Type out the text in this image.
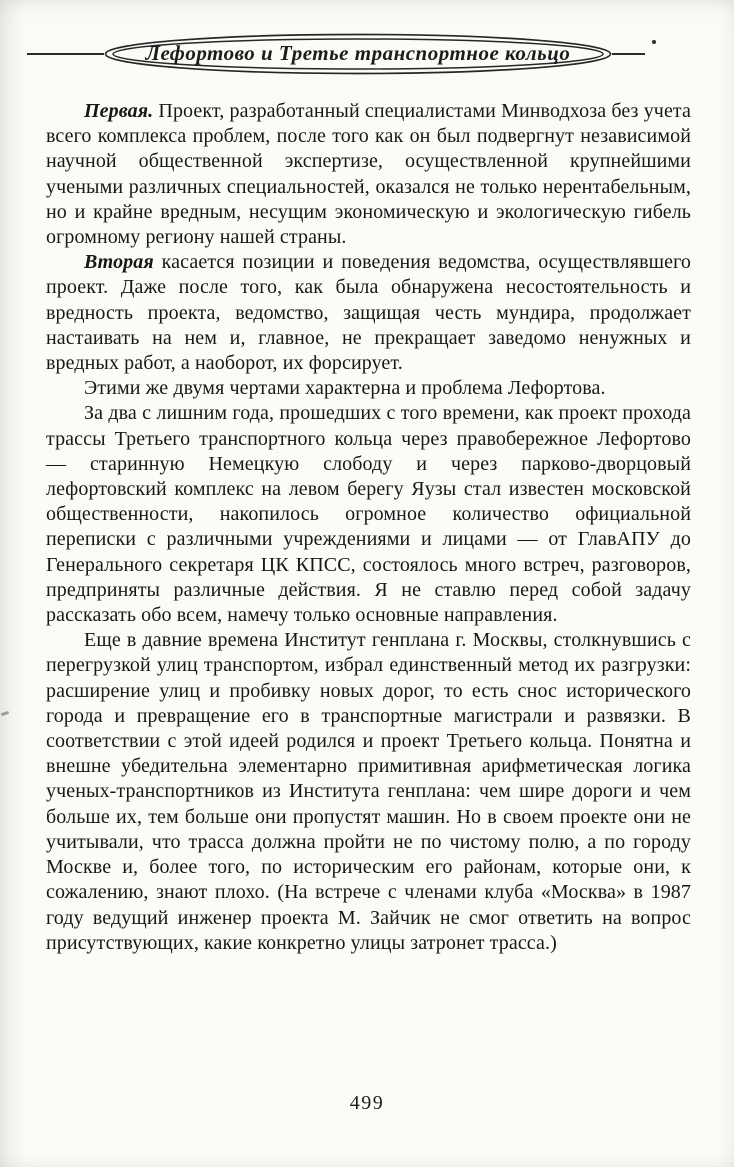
Лефортово и Третье транспортное кольцо

Первая. Проект, разработанный специалистами Минводхоза без учета всего комплекса проблем, после того как он был подвергнут независимой научной общественной экспертизе, осуществленной крупнейшими учеными различных специальностей, оказался не только нерентабельным, но и крайне вредным, несущим экономическую и экологическую гибель огромному региону нашей страны.

Вторая касается позиции и поведения ведомства, осуществлявшего проект. Даже после того, как была обнаружена несостоятельность и вредность проекта, ведомство, защищая честь мундира, продолжает настаивать на нем и, главное, не прекращает заведомо ненужных и вредных работ, а наоборот, их форсирует.

Этими же двумя чертами характерна и проблема Лефортова.

За два с лишним года, прошедших с того времени, как проект прохода трассы Третьего транспортного кольца через правобережное Лефортово — старинную Немецкую слободу и через парково-дворцовый лефортовский комплекс на левом берегу Яузы стал известен московской общественности, накопилось огромное количество официальной переписки с различными учреждениями и лицами — от ГлавАПУ до Генерального секретаря ЦК КПСС, состоялось много встреч, разговоров, предприняты различные действия. Я не ставлю перед собой задачу рассказать обо всем, намечу только основные направления.

Еще в давние времена Институт генплана г. Москвы, столкнувшись с перегрузкой улиц транспортом, избрал единственный метод их разгрузки: расширение улиц и пробивку новых дорог, то есть снос исторического города и превращение его в транспортные магистрали и развязки. В соответствии с этой идеей родился и проект Третьего кольца. Понятна и внешне убедительна элементарно примитивная арифметическая логика ученых-транспортников из Института генплана: чем шире дороги и чем больше их, тем больше они пропустят машин. Но в своем проекте они не учитывали, что трасса должна пройти не по чистому полю, а по городу Москве и, более того, по историческим его районам, которые они, к сожалению, знают плохо. (На встрече с членами клуба «Москва» в 1987 году ведущий инженер проекта М. Зайчик не смог ответить на вопрос присутствующих, какие конкретно улицы затронет трасса.)

499
